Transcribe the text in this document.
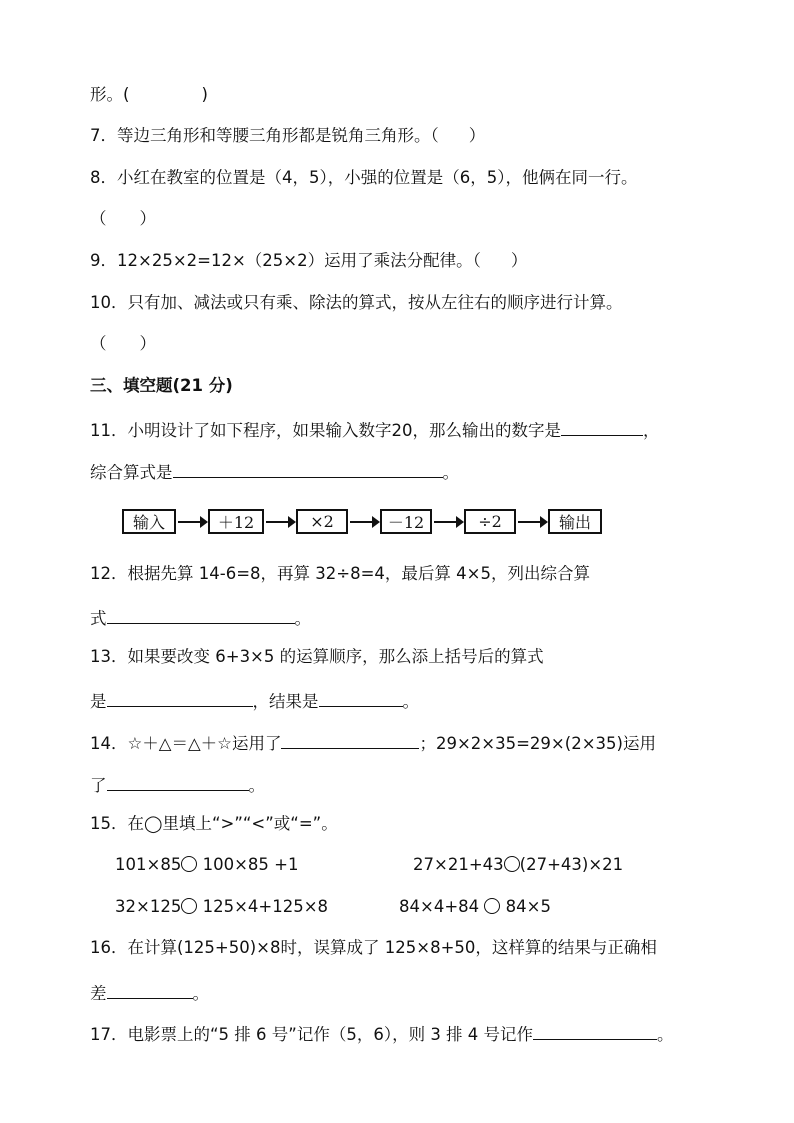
形。(	)
7．等边三角形和等腰三角形都是锐角三角形。（ ）
8．小红在教室的位置是（4，5），小强的位置是（6，5），他俩在同一行。
（　　）
9．12×25×2=12×（25×2）运用了乘法分配律。（ ）
10．只有加、减法或只有乘、除法的算式，按从左往右的顺序进行计算。
（　　）
三、填空题(21 分)
11．小明设计了如下程序，如果输入数字20，那么输出的数字是	，
综合算式是	。
输入	＋12	×2	－12	÷2	输出
12．根据先算 14-6=8，再算 32÷8=4，最后算 4×5，列出综合算
式	。
13．如果要改变 6+3×5 的运算顺序，那么添上括号后的算式
是	，结果是	。
14．☆＋△＝△＋☆运用了	；29×2×35=29×(2×35)运用
了	。
15．在◯里填上“>”“<”或“=”。
101×85 100×85 +1	27×21+43 (27+43)×21
32×125 125×4+125×8	84×4+84 84×5
16．在计算(125+50)×8时，误算成了 125×8+50，这样算的结果与正确相
差	。
17．电影票上的“5 排 6 号”记作（5，6），则 3 排 4 号记作	。
